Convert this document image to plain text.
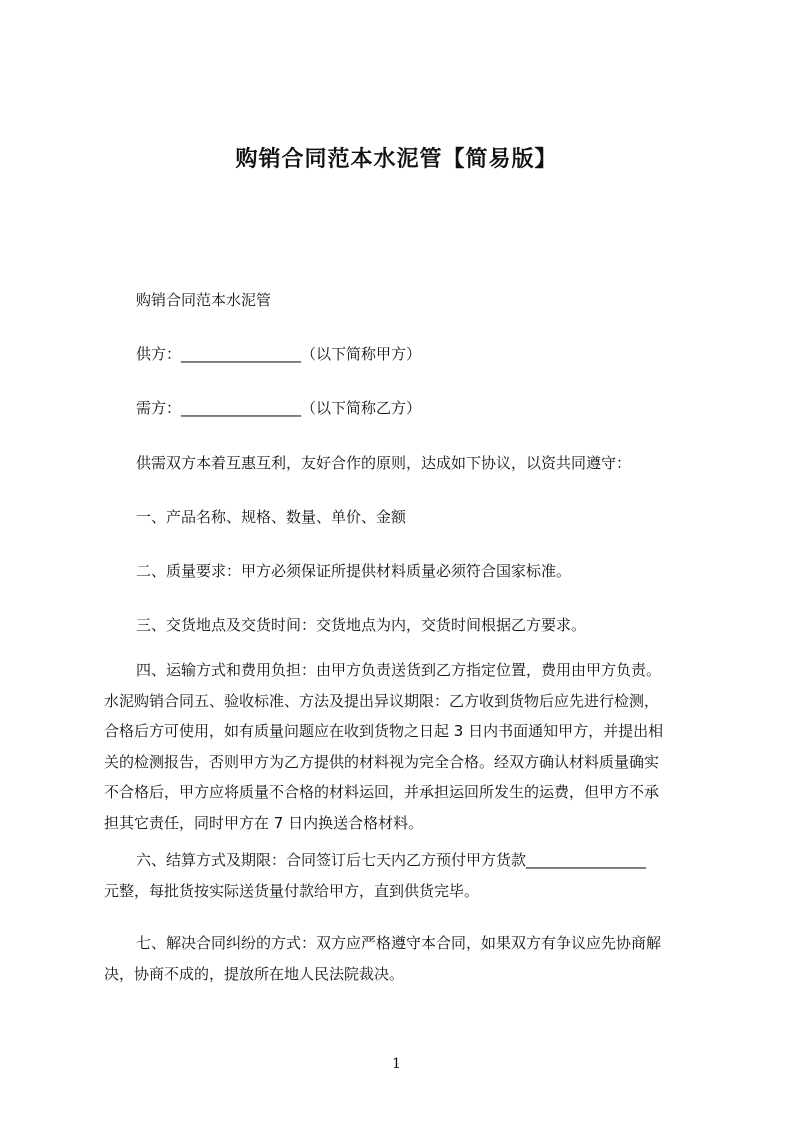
购销合同范本水泥管【简易版】
购销合同范本水泥管
供方：________________（以下简称甲方）
需方：________________（以下简称乙方）
供需双方本着互惠互利，友好合作的原则，达成如下协议，以资共同遵守：
一、产品名称、规格、数量、单价、金额
二、质量要求：甲方必须保证所提供材料质量必须符合国家标准。
三、交货地点及交货时间：交货地点为内，交货时间根据乙方要求。
四、运输方式和费用负担：由甲方负责送货到乙方指定位置，费用由甲方负责。
水泥购销合同五、验收标准、方法及提出异议期限：乙方收到货物后应先进行检测，
合格后方可使用，如有质量问题应在收到货物之日起 3 日内书面通知甲方，并提出相
关的检测报告，否则甲方为乙方提供的材料视为完全合格。经双方确认材料质量确实
不合格后，甲方应将质量不合格的材料运回，并承担运回所发生的运费，但甲方不承
担其它责任，同时甲方在 7 日内换送合格材料。
六、结算方式及期限：合同签订后七天内乙方预付甲方货款________________
元整，每批货按实际送货量付款给甲方，直到供货完毕。
七、解决合同纠纷的方式：双方应严格遵守本合同，如果双方有争议应先协商解
决，协商不成的，提放所在地人民法院裁决。
1
